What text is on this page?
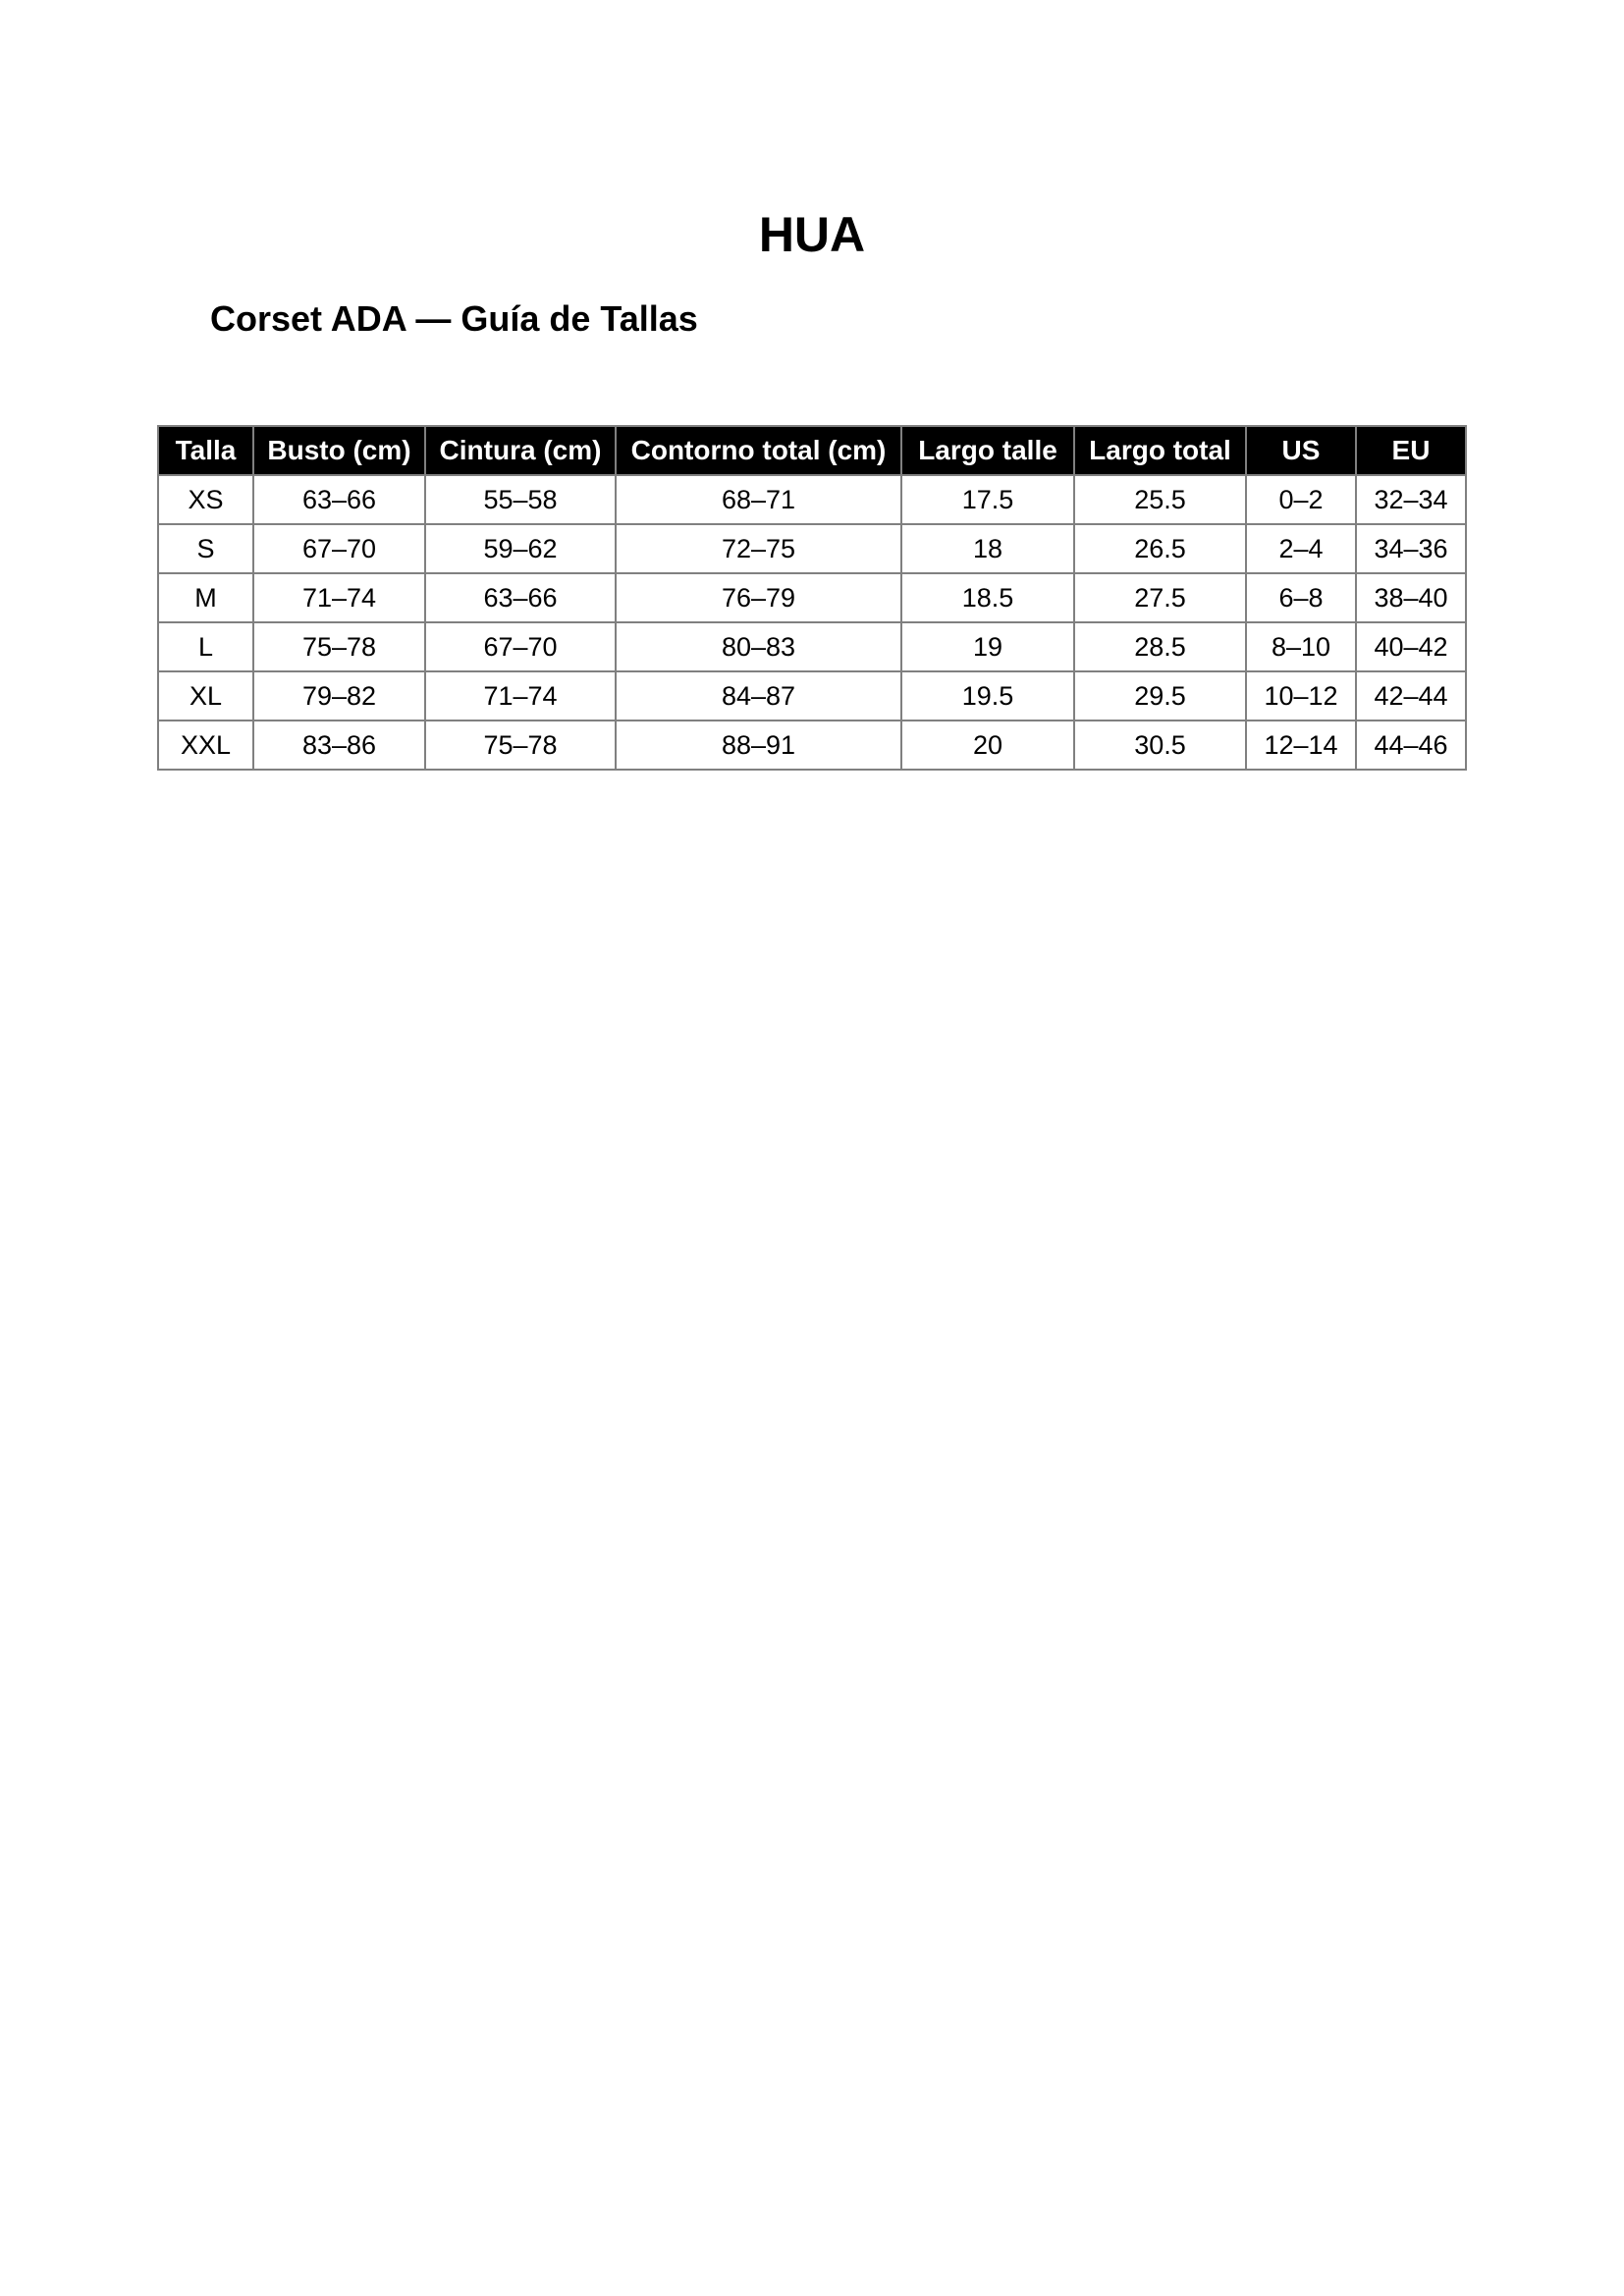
HUA
Corset ADA — Guía de Tallas
Talla	Busto (cm)	Cintura (cm)	Contorno total (cm)	Largo talle	Largo total	US	EU
XS	63–66	55–58	68–71	17.5	25.5	0–2	32–34
S	67–70	59–62	72–75	18	26.5	2–4	34–36
M	71–74	63–66	76–79	18.5	27.5	6–8	38–40
L	75–78	67–70	80–83	19	28.5	8–10	40–42
XL	79–82	71–74	84–87	19.5	29.5	10–12	42–44
XXL	83–86	75–78	88–91	20	30.5	12–14	44–46
